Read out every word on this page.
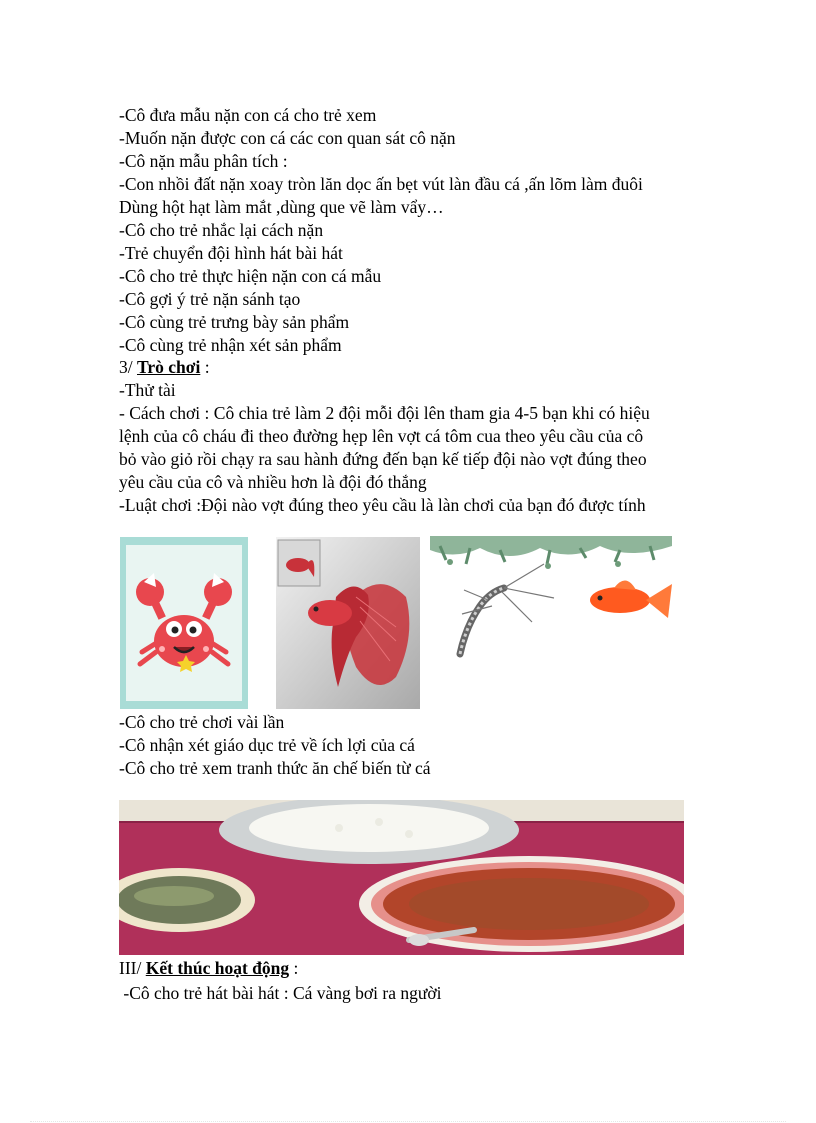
-Cô đưa mẫu nặn con cá cho trẻ xem
-Muốn nặn được con cá các con quan sát cô nặn
-Cô nặn mẫu phân tích :
-Con nhồi đất nặn xoay tròn lăn dọc ấn bẹt vút làn đầu cá ,ấn lõm làm đuôi
Dùng hột hạt làm mắt ,dùng que vẽ làm vẩy…
-Cô cho trẻ nhắc lại cách nặn
-Trẻ chuyển đội hình hát bài hát
-Cô cho trẻ thực hiện nặn con cá mẫu
-Cô gợi ý trẻ nặn sánh tạo
-Cô cùng trẻ trưng bày sản phẩm
-Cô cùng trẻ nhận xét sản phẩm
3/ Trò chơi :
-Thử tài
- Cách chơi : Cô chia trẻ làm 2 đội mỗi đội lên tham gia 4-5 bạn khi có hiệu
lệnh của cô cháu đi theo đường hẹp lên vợt cá tôm cua theo yêu cầu của cô
bỏ vào giỏ rồi chạy ra sau hành đứng đến bạn kế tiếp đội nào vợt đúng theo
yêu cầu của cô và nhiều hơn là đội đó thắng
-Luật chơi :Đội nào vợt đúng theo yêu cầu là làn chơi của bạn đó được tính
-Cô cho trẻ chơi vài lần
-Cô nhận xét giáo dục trẻ về ích lợi của cá
-Cô cho trẻ xem tranh thức ăn chế biến từ cá
III/ Kết thúc hoạt động :
-Cô cho trẻ hát bài hát : Cá vàng bơi ra người
